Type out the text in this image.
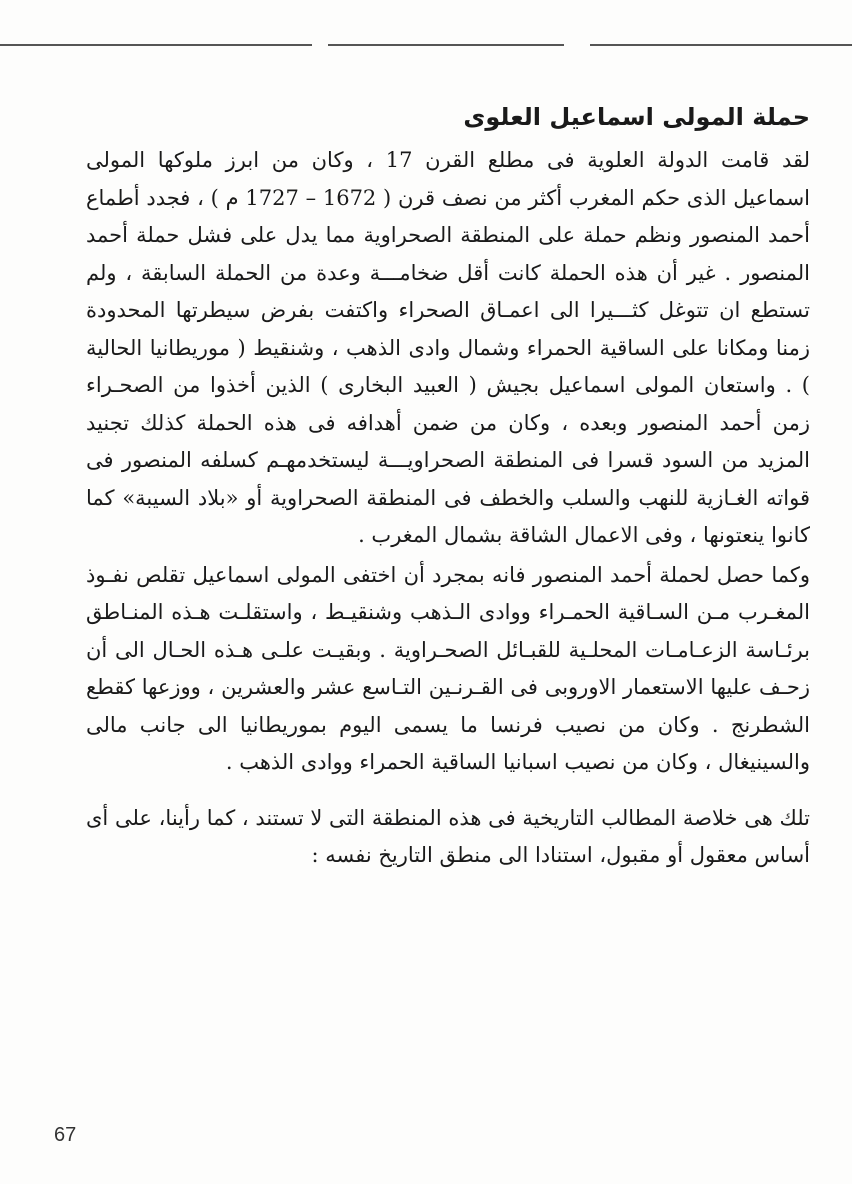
حملة المولى اسماعيل العلوى

لقد قامت الدولة العلوية فى مطلع القرن 17 ، وكان من ابرز ملوكها المولى اسماعيل الذى حكم المغرب أكثر من نصف قرن ( 1672 – 1727 م ) ، فجدد أطماع أحمد المنصور ونظم حملة على المنطقة الصحراوية مما يدل على فشل حملة أحمد المنصور . غير أن هذه الحملة كانت أقل ضخامـــة وعدة من الحملة السابقة ، ولم تستطع ان تتوغل كثـــيرا الى اعمـاق الصحراء واكتفت بفرض سيطرتها المحدودة زمنا ومكانا على الساقية الحمراء وشمال وادى الذهب ، وشنقيط ( موريطانيا الحالية ) . واستعان المولى اسماعيل بجيش ( العبيد البخارى ) الذين أخذوا من الصحـراء زمن أحمد المنصور وبعده ، وكان من ضمن أهدافه فى هذه الحملة كذلك تجنيد المزيد من السود قسرا فى المنطقة الصحراويـــة ليستخدمهـم كسلفه المنصور فى قواته الغـازية للنهب والسلب والخطف فى المنطقة الصحراوية أو «بلاد السيبة» كما كانوا ينعتونها ، وفى الاعمال الشاقة بشمال المغرب .

وكما حصل لحملة أحمد المنصور فانه بمجرد أن اختفى المولى اسماعيل تقلص نفـوذ المغـرب مـن السـاقية الحمـراء ووادى الـذهب وشنقيـط ، واستقلـت هـذه المنـاطق برئـاسة الزعـامـات المحلـية للقبـائل الصحـراوية . وبقيـت علـى هـذه الحـال الى أن زحـف عليها الاستعمار الاوروبى فى القـرنـين التـاسع عشر والعشرين ، ووزعها كقطع الشطرنج . وكان من نصيب فرنسا ما يسمى اليوم بموريطانيا الى جانب مالى والسينيغال ، وكان من نصيب اسبانيا الساقية الحمراء ووادى الذهب .

تلك هى خلاصة المطالب التاريخية فى هذه المنطقة التى لا تستند ، كما رأينا، على أى أساس معقول أو مقبول، استنادا الى منطق التاريخ نفسه :

67
